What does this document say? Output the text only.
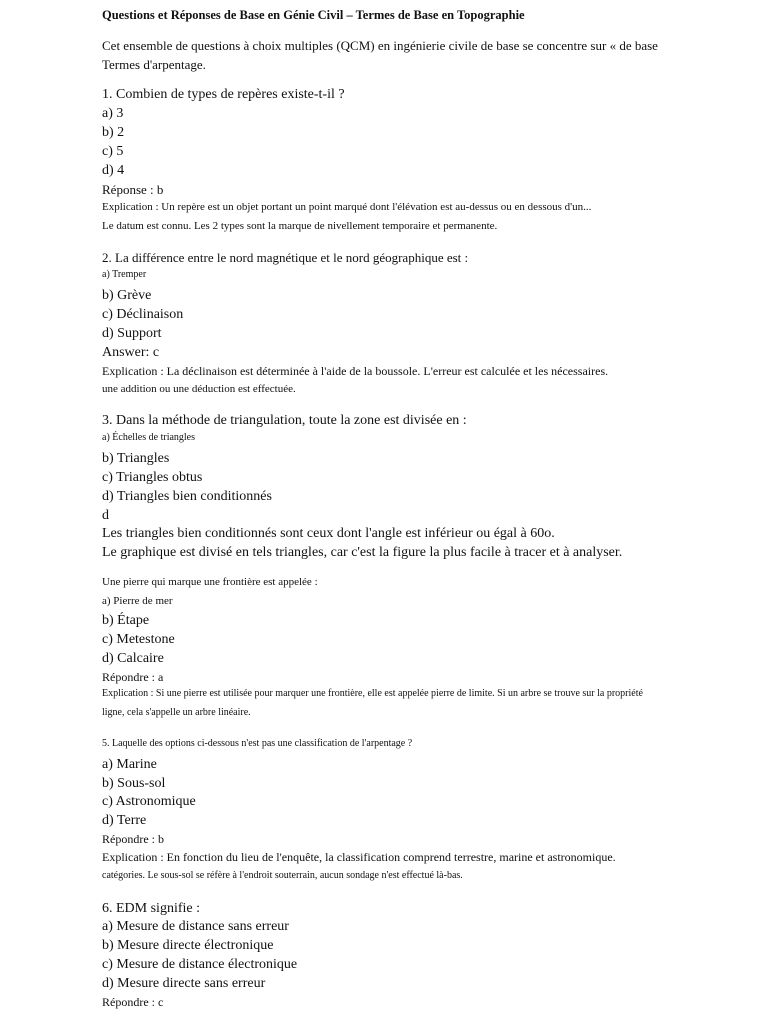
Questions et Réponses de Base en Génie Civil – Termes de Base en Topographie
Cet ensemble de questions à choix multiples (QCM) en ingénierie civile de base se concentre sur « de base
Termes d'arpentage.
1. Combien de types de repères existe-t-il ?
a) 3
b) 2
c) 5
d) 4
Réponse : b
Explication : Un repère est un objet portant un point marqué dont l'élévation est au-dessus ou en dessous d'un...
Le datum est connu. Les 2 types sont la marque de nivellement temporaire et permanente.
2. La différence entre le nord magnétique et le nord géographique est :
a) Tremper
b) Grève
c) Déclinaison
d) Support
Answer: c
Explication : La déclinaison est déterminée à l'aide de la boussole. L'erreur est calculée et les nécessaires.
une addition ou une déduction est effectuée.
3. Dans la méthode de triangulation, toute la zone est divisée en :
a) Échelles de triangles
b) Triangles
c) Triangles obtus
d) Triangles bien conditionnés
d
Les triangles bien conditionnés sont ceux dont l'angle est inférieur ou égal à 60o.
Le graphique est divisé en tels triangles, car c'est la figure la plus facile à tracer et à analyser.
Une pierre qui marque une frontière est appelée :
a) Pierre de mer
b) Étape
c) Metestone
d) Calcaire
Répondre : a
Explication : Si une pierre est utilisée pour marquer une frontière, elle est appelée pierre de limite. Si un arbre se trouve sur la propriété
ligne, cela s'appelle un arbre linéaire.
5. Laquelle des options ci-dessous n'est pas une classification de l'arpentage ?
a) Marine
b) Sous-sol
c) Astronomique
d) Terre
Répondre : b
Explication : En fonction du lieu de l'enquête, la classification comprend terrestre, marine et astronomique.
catégories. Le sous-sol se réfère à l'endroit souterrain, aucun sondage n'est effectué là-bas.
6. EDM signifie :
a) Mesure de distance sans erreur
b) Mesure directe électronique
c) Mesure de distance électronique
d) Mesure directe sans erreur
Répondre : c
